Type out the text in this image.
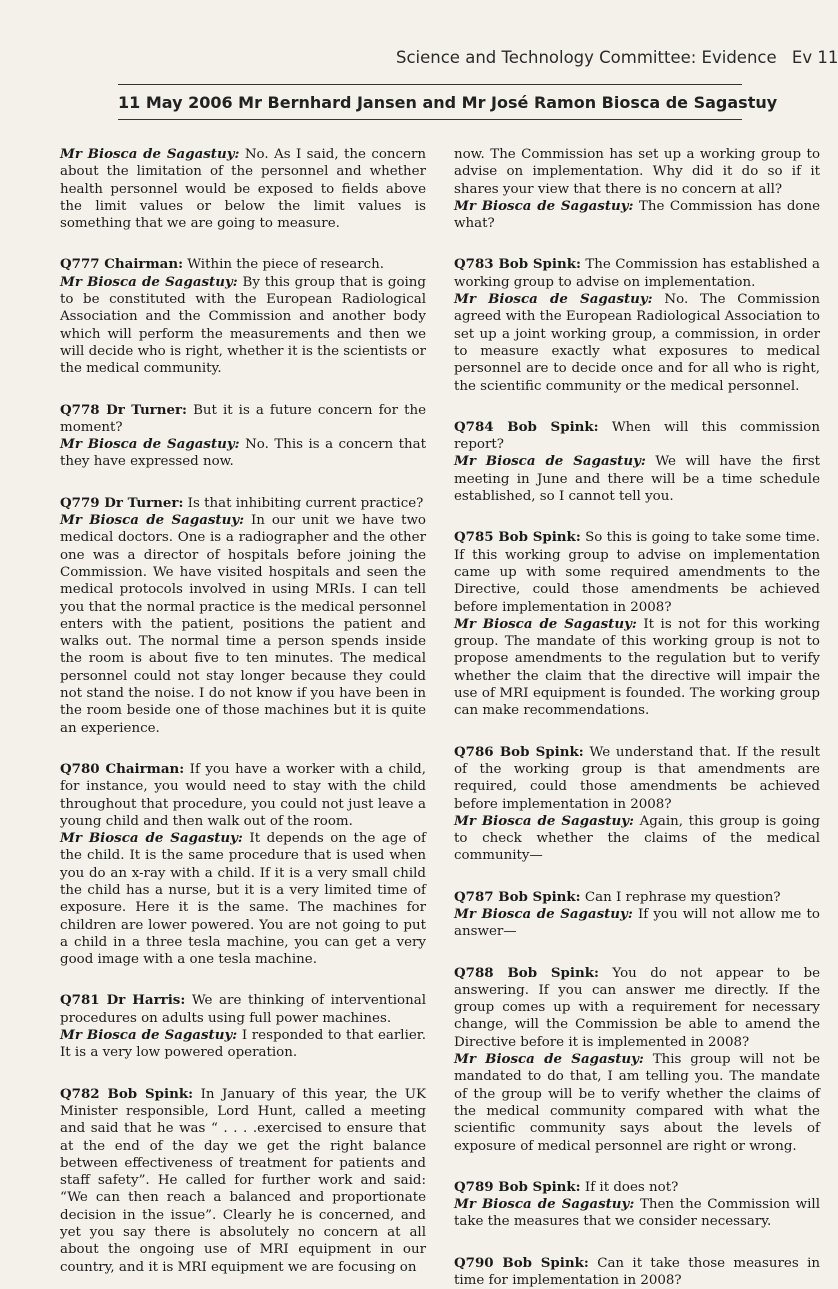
Science and Technology Committee: Evidence Ev 11
11 May 2006 Mr Bernhard Jansen and Mr José Ramon Biosca de Sagastuy

Mr Biosca de Sagastuy: No. As I said, the concern about the limitation of the personnel and whether health personnel would be exposed to fields above the limit values or below the limit values is something that we are going to measure.

Q777 Chairman: Within the piece of research.

Mr Biosca de Sagastuy: By this group that is going to be constituted with the European Radiological Association and the Commission and another body which will perform the measurements and then we will decide who is right, whether it is the scientists or the medical community.

Q778 Dr Turner: But it is a future concern for the moment?

Mr Biosca de Sagastuy: No. This is a concern that they have expressed now.

Q779 Dr Turner: Is that inhibiting current practice?

Mr Biosca de Sagastuy: In our unit we have two medical doctors. One is a radiographer and the other one was a director of hospitals before joining the Commission. We have visited hospitals and seen the medical protocols involved in using MRIs. I can tell you that the normal practice is the medical personnel enters with the patient, positions the patient and walks out. The normal time a person spends inside the room is about five to ten minutes. The medical personnel could not stay longer because they could not stand the noise. I do not know if you have been in the room beside one of those machines but it is quite an experience.

Q780 Chairman: If you have a worker with a child, for instance, you would need to stay with the child throughout that procedure, you could not just leave a young child and then walk out of the room.

Mr Biosca de Sagastuy: It depends on the age of the child. It is the same procedure that is used when you do an x-ray with a child. If it is a very small child the child has a nurse, but it is a very limited time of exposure. Here it is the same. The machines for children are lower powered. You are not going to put a child in a three tesla machine, you can get a very good image with a one tesla machine.

Q781 Dr Harris: We are thinking of interventional procedures on adults using full power machines.

Mr Biosca de Sagastuy: I responded to that earlier. It is a very low powered operation.

Q782 Bob Spink: In January of this year, the UK Minister responsible, Lord Hunt, called a meeting and said that he was “ . . . .exercised to ensure that at the end of the day we get the right balance between effectiveness of treatment for patients and staff safety”. He called for further work and said: “We can then reach a balanced and proportionate decision in the issue”. Clearly he is concerned, and yet you say there is absolutely no concern at all about the ongoing use of MRI equipment in our country, and it is MRI equipment we are focusing on

now. The Commission has set up a working group to advise on implementation. Why did it do so if it shares your view that there is no concern at all?

Mr Biosca de Sagastuy: The Commission has done what?

Q783 Bob Spink: The Commission has established a working group to advise on implementation.

Mr Biosca de Sagastuy: No. The Commission agreed with the European Radiological Association to set up a joint working group, a commission, in order to measure exactly what exposures to medical personnel are to decide once and for all who is right, the scientific community or the medical personnel.

Q784 Bob Spink: When will this commission report?

Mr Biosca de Sagastuy: We will have the first meeting in June and there will be a time schedule established, so I cannot tell you.

Q785 Bob Spink: So this is going to take some time. If this working group to advise on implementation came up with some required amendments to the Directive, could those amendments be achieved before implementation in 2008?

Mr Biosca de Sagastuy: It is not for this working group. The mandate of this working group is not to propose amendments to the regulation but to verify whether the claim that the directive will impair the use of MRI equipment is founded. The working group can make recommendations.

Q786 Bob Spink: We understand that. If the result of the working group is that amendments are required, could those amendments be achieved before implementation in 2008?

Mr Biosca de Sagastuy: Again, this group is going to check whether the claims of the medical community—

Q787 Bob Spink: Can I rephrase my question?

Mr Biosca de Sagastuy: If you will not allow me to answer—

Q788 Bob Spink: You do not appear to be answering. If you can answer me directly. If the group comes up with a requirement for necessary change, will the Commission be able to amend the Directive before it is implemented in 2008?

Mr Biosca de Sagastuy: This group will not be mandated to do that, I am telling you. The mandate of the group will be to verify whether the claims of the medical community compared with what the scientific community says about the levels of exposure of medical personnel are right or wrong.

Q789 Bob Spink: If it does not?

Mr Biosca de Sagastuy: Then the Commission will take the measures that we consider necessary.

Q790 Bob Spink: Can it take those measures in time for implementation in 2008?
